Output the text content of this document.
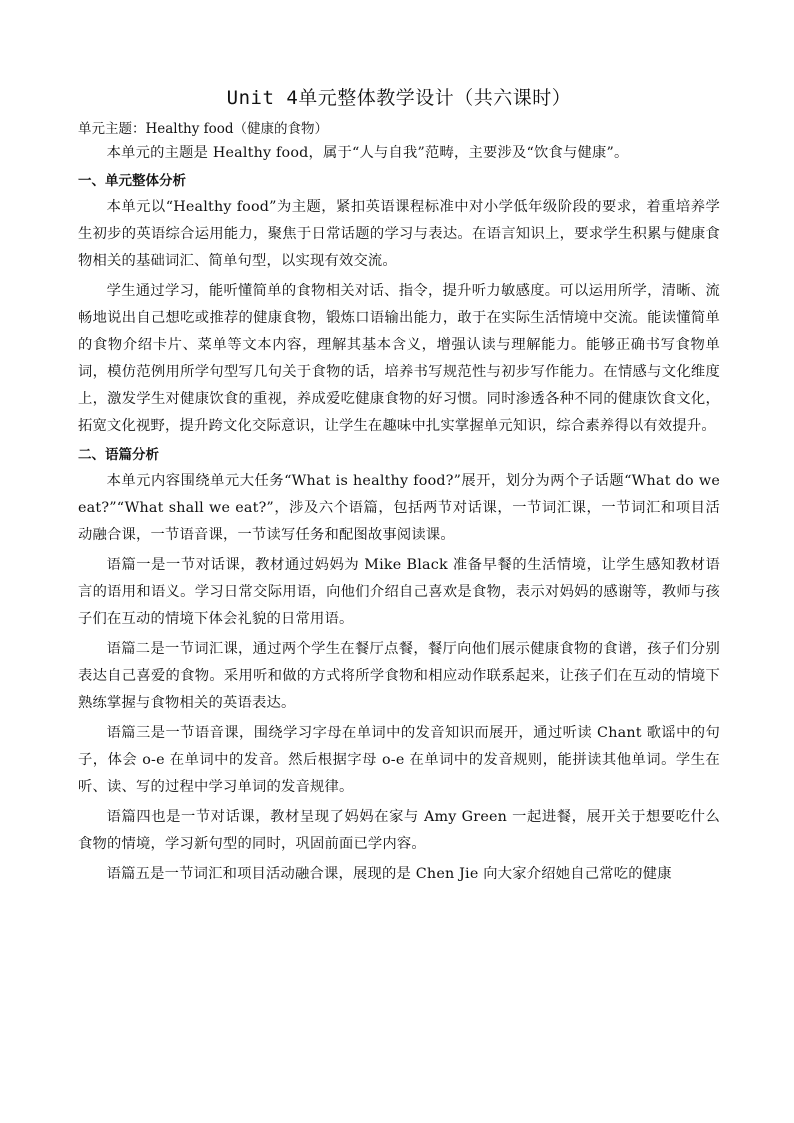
Unit 4单元整体教学设计（共六课时）
单元主题：Healthy food（健康的食物）

本单元的主题是 Healthy food，属于“人与自我”范畴，主要涉及“饮食与健康”。

一、单元整体分析

本单元以“Healthy food”为主题，紧扣英语课程标准中对小学低年级阶段的要求，着重培养学生初步的英语综合运用能力，聚焦于日常话题的学习与表达。在语言知识上，要求学生积累与健康食物相关的基础词汇、简单句型，以实现有效交流。

学生通过学习，能听懂简单的食物相关对话、指令，提升听力敏感度。可以运用所学，清晰、流畅地说出自己想吃或推荐的健康食物，锻炼口语输出能力，敢于在实际生活情境中交流。能读懂简单的食物介绍卡片、菜单等文本内容，理解其基本含义，增强认读与理解能力。能够正确书写食物单词，模仿范例用所学句型写几句关于食物的话，培养书写规范性与初步写作能力。在情感与文化维度上，激发学生对健康饮食的重视，养成爱吃健康食物的好习惯。同时渗透各种不同的健康饮食文化，拓宽文化视野，提升跨文化交际意识，让学生在趣味中扎实掌握单元知识，综合素养得以有效提升。

二、语篇分析

本单元内容围绕单元大任务“What is healthy food?”展开，划分为两个子话题“What do we eat?”“What shall we eat?”，涉及六个语篇，包括两节对话课，一节词汇课，一节词汇和项目活动融合课，一节语音课，一节读写任务和配图故事阅读课。

语篇一是一节对话课，教材通过妈妈为 Mike Black 准备早餐的生活情境，让学生感知教材语言的语用和语义。学习日常交际用语，向他们介绍自己喜欢是食物，表示对妈妈的感谢等，教师与孩子们在互动的情境下体会礼貌的日常用语。

语篇二是一节词汇课，通过两个学生在餐厅点餐，餐厅向他们展示健康食物的食谱，孩子们分别表达自己喜爱的食物。采用听和做的方式将所学食物和相应动作联系起来，让孩子们在互动的情境下熟练掌握与食物相关的英语表达。

语篇三是一节语音课，围绕学习字母在单词中的发音知识而展开，通过听读 Chant 歌谣中的句子，体会 o-e 在单词中的发音。然后根据字母 o-e 在单词中的发音规则，能拼读其他单词。学生在听、读、写的过程中学习单词的发音规律。

语篇四也是一节对话课，教材呈现了妈妈在家与 Amy Green 一起进餐，展开关于想要吃什么食物的情境，学习新句型的同时，巩固前面已学内容。

语篇五是一节词汇和项目活动融合课，展现的是 Chen Jie 向大家介绍她自己常吃的健康
